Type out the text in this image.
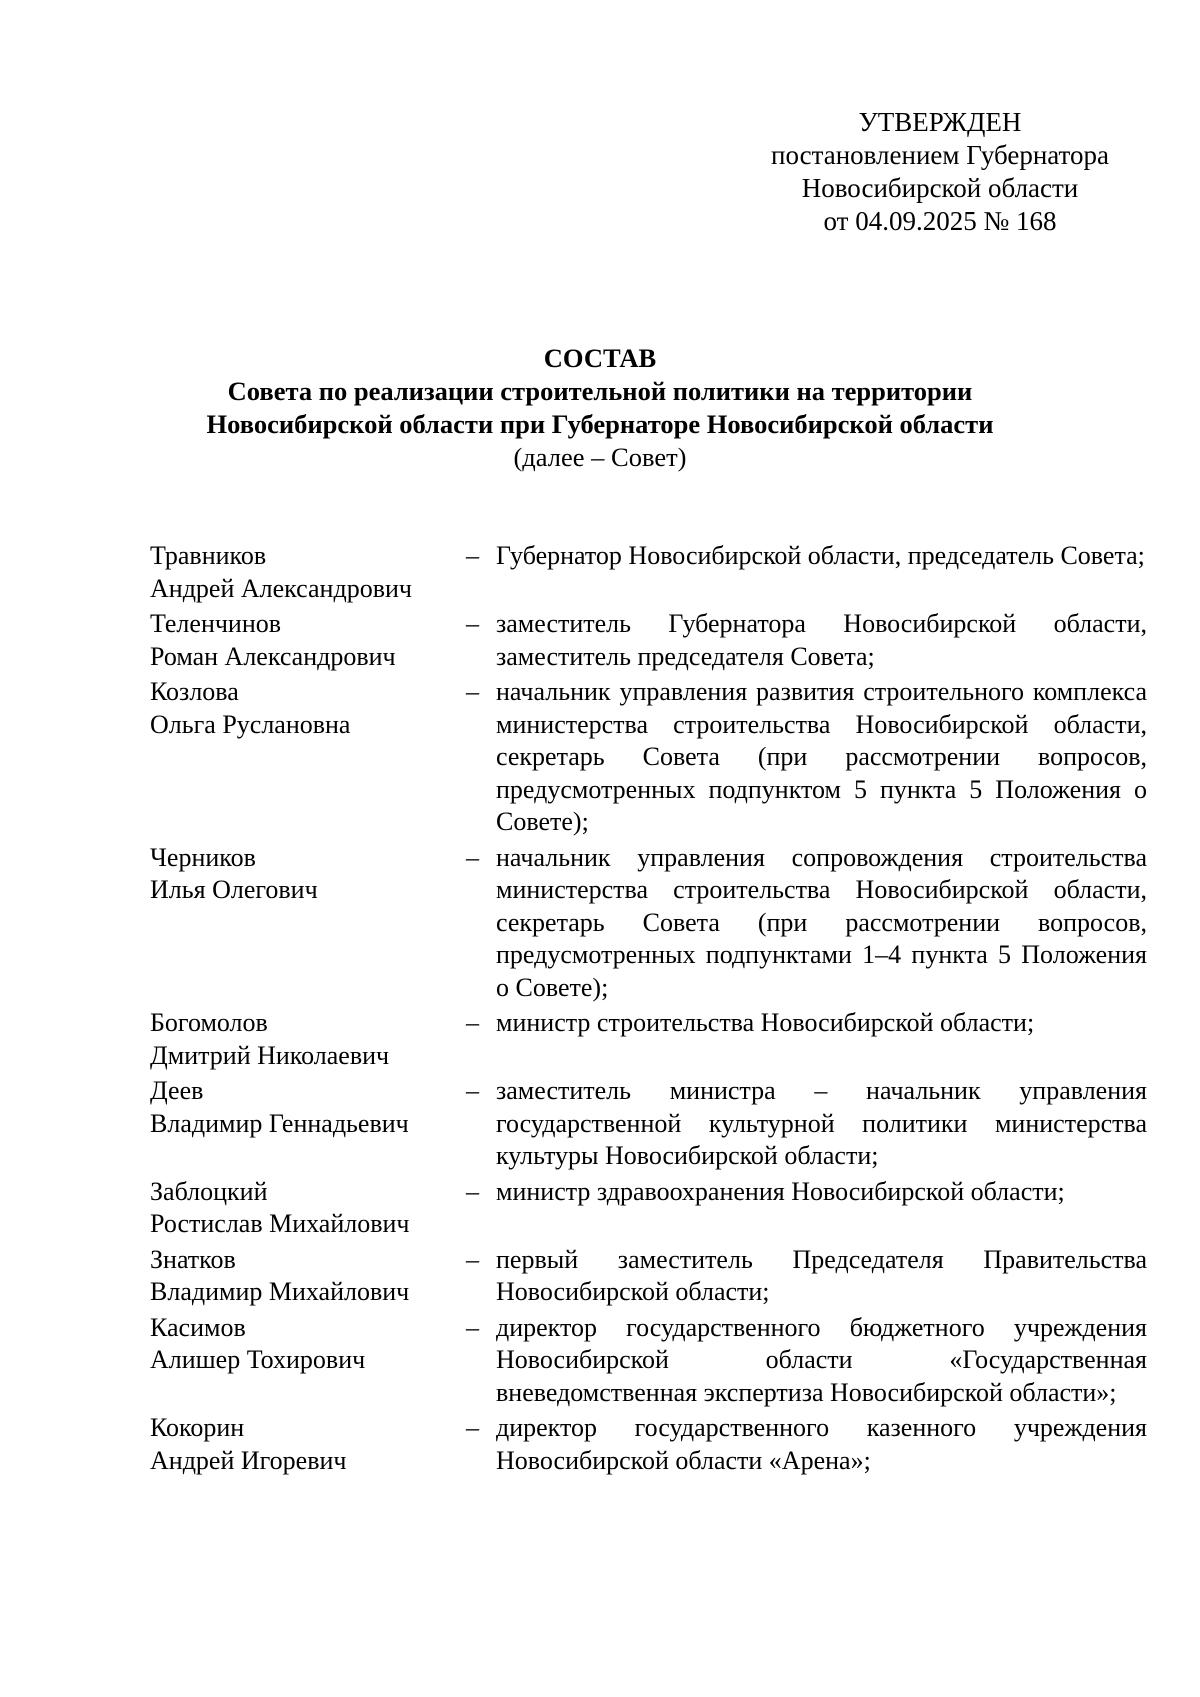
УТВЕРЖДЕН
постановлением Губернатора
Новосибирской области
от 04.09.2025 № 168
СОСТАВ
Совета по реализации строительной политики на территории
Новосибирской области при Губернаторе Новосибирской области
(далее – Совет)
Травников
Андрей Александрович
– Губернатор Новосибирской области, председатель Совета;
Теленчинов
Роман Александрович
– заместитель Губернатора Новосибирской области, заместитель председателя Совета;
Козлова
Ольга Руслановна
– начальник управления развития строительного комплекса министерства строительства Новосибирской области, секретарь Совета (при рассмотрении вопросов, предусмотренных подпунктом 5 пункта 5 Положения о Совете);
Черников
Илья Олегович
– начальник управления сопровождения строительства министерства строительства Новосибирской области, секретарь Совета (при рассмотрении вопросов, предусмотренных подпунктами 1–4 пункта 5 Положения о Совете);
Богомолов
Дмитрий Николаевич
– министр строительства Новосибирской области;
Деев
Владимир Геннадьевич
– заместитель министра – начальник управления государственной культурной политики министерства культуры Новосибирской области;
Заблоцкий
Ростислав Михайлович
– министр здравоохранения Новосибирской области;
Знатков
Владимир Михайлович
– первый заместитель Председателя Правительства Новосибирской области;
Касимов
Алишер Тохирович
– директор государственного бюджетного учреждения Новосибирской области «Государственная вневедомственная экспертиза Новосибирской области»;
Кокорин
Андрей Игоревич
– директор государственного казенного учреждения Новосибирской области «Арена»;
